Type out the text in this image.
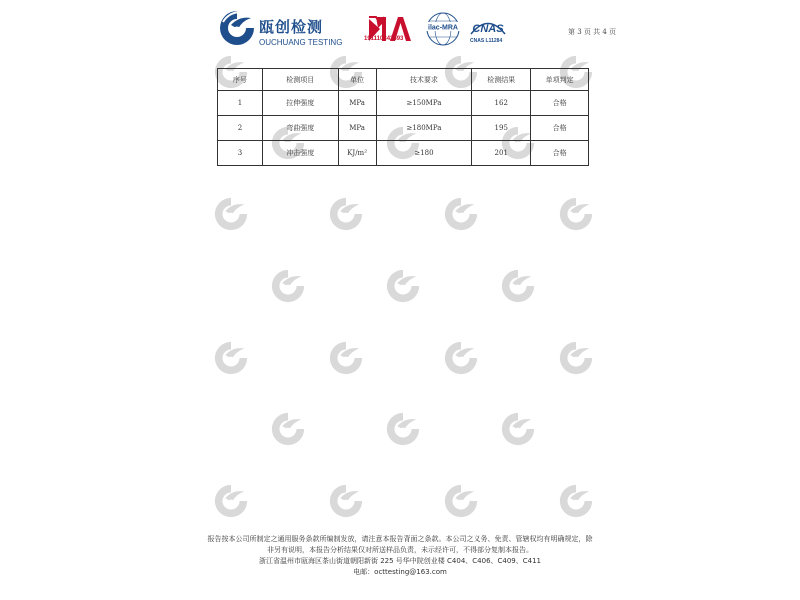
瓯创检测
OUCHUANG TESTING	191110342593
ilac-MRA CNAS
CNAS L11284
第 3 页 共 4 页
序号	检测项目	单位	技术要求	检测结果	单项判定
1	拉伸强度	MPa	≥150MPa	162	合格
2	弯曲强度	MPa	≥180MPa	195	合格
3	冲击强度	KJ/m²	≥180	201	合格
报告按本公司所制定之通用服务条款所编制发放，请注意本报告背面之条款。本公司之义务、免责、管辖权均有明确规定，除
非另有说明，本报告分析结果仅对所送样品负责，未示经许可，不得部分复制本报告。
浙江省温州市瓯海区茶山街道朝阳新街 225 号华中院创业楼 C404、C406、C409、C411
电邮：octtesting@163.com
